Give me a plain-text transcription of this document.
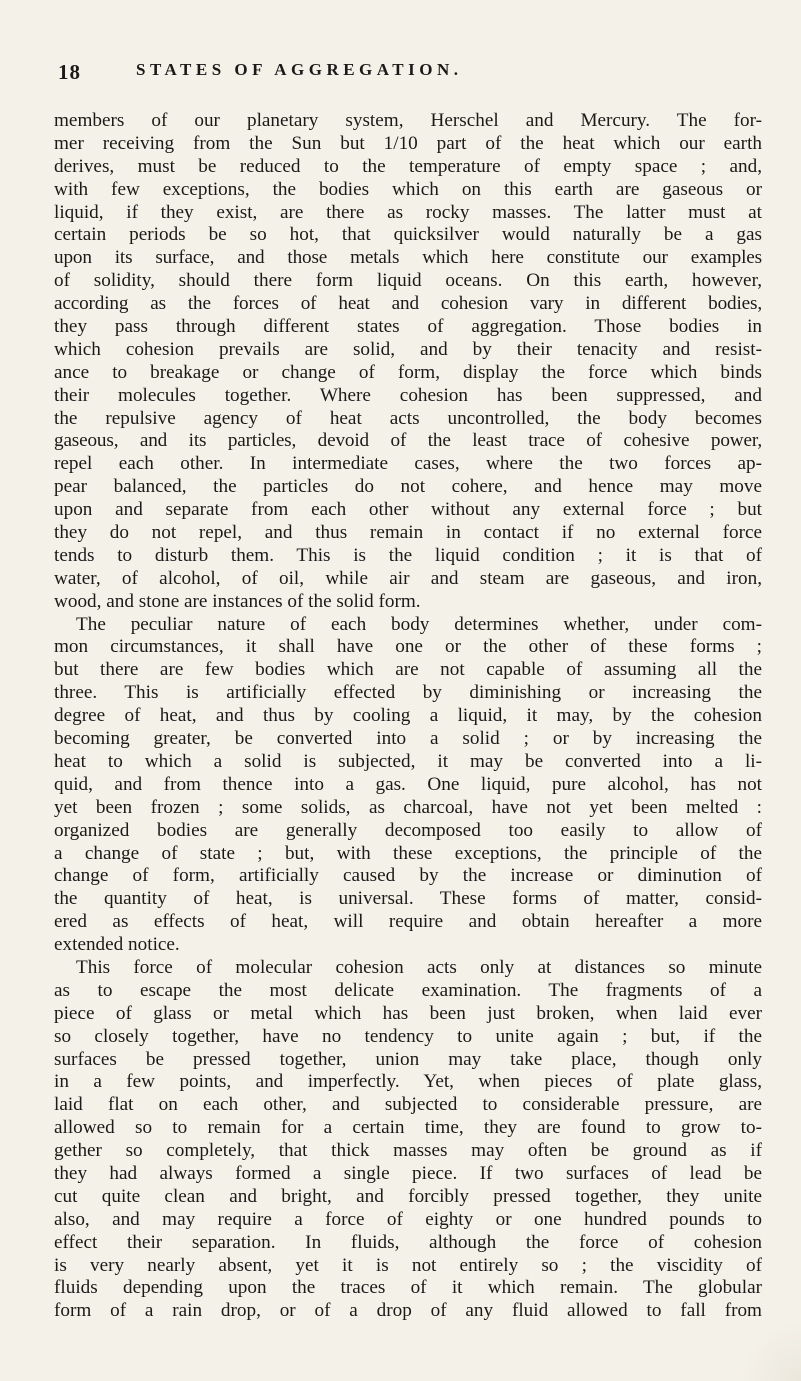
18	STATES OF AGGREGATION.
members of our planetary system, Herschel and Mercury. The for-
mer receiving from the Sun but 1/10 part of the heat which our earth
derives, must be reduced to the temperature of empty space ; and,
with few exceptions, the bodies which on this earth are gaseous or
liquid, if they exist, are there as rocky masses. The latter must at
certain periods be so hot, that quicksilver would naturally be a gas
upon its surface, and those metals which here constitute our examples
of solidity, should there form liquid oceans. On this earth, however,
according as the forces of heat and cohesion vary in different bodies,
they pass through different states of aggregation. Those bodies in
which cohesion prevails are solid, and by their tenacity and resist-
ance to breakage or change of form, display the force which binds
their molecules together. Where cohesion has been suppressed, and
the repulsive agency of heat acts uncontrolled, the body becomes
gaseous, and its particles, devoid of the least trace of cohesive power,
repel each other. In intermediate cases, where the two forces ap-
pear balanced, the particles do not cohere, and hence may move
upon and separate from each other without any external force ; but
they do not repel, and thus remain in contact if no external force
tends to disturb them. This is the liquid condition ; it is that of
water, of alcohol, of oil, while air and steam are gaseous, and iron,
wood, and stone are instances of the solid form.
The peculiar nature of each body determines whether, under com-
mon circumstances, it shall have one or the other of these forms ;
but there are few bodies which are not capable of assuming all the
three. This is artificially effected by diminishing or increasing the
degree of heat, and thus by cooling a liquid, it may, by the cohesion
becoming greater, be converted into a solid ; or by increasing the
heat to which a solid is subjected, it may be converted into a li-
quid, and from thence into a gas. One liquid, pure alcohol, has not
yet been frozen ; some solids, as charcoal, have not yet been melted :
organized bodies are generally decomposed too easily to allow of
a change of state ; but, with these exceptions, the principle of the
change of form, artificially caused by the increase or diminution of
the quantity of heat, is universal. These forms of matter, consid-
ered as effects of heat, will require and obtain hereafter a more
extended notice.
This force of molecular cohesion acts only at distances so minute
as to escape the most delicate examination. The fragments of a
piece of glass or metal which has been just broken, when laid ever
so closely together, have no tendency to unite again ; but, if the
surfaces be pressed together, union may take place, though only
in a few points, and imperfectly. Yet, when pieces of plate glass,
laid flat on each other, and subjected to considerable pressure, are
allowed so to remain for a certain time, they are found to grow to-
gether so completely, that thick masses may often be ground as if
they had always formed a single piece. If two surfaces of lead be
cut quite clean and bright, and forcibly pressed together, they unite
also, and may require a force of eighty or one hundred pounds to
effect their separation. In fluids, although the force of cohesion
is very nearly absent, yet it is not entirely so ; the viscidity of
fluids depending upon the traces of it which remain. The globular
form of a rain drop, or of a drop of any fluid allowed to fall from
